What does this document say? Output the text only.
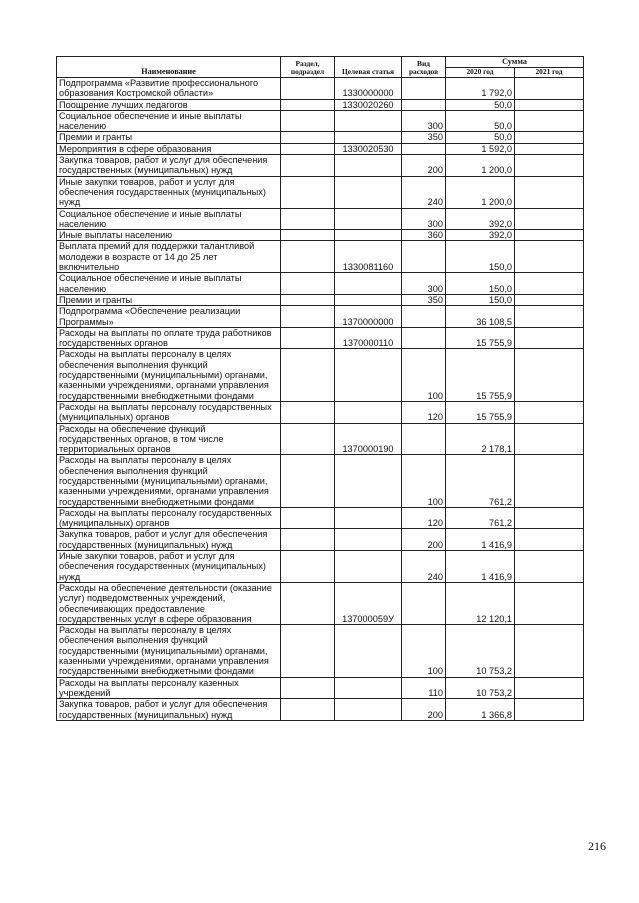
Наименование	Раздел, подраздел	Целевая статья	Вид расходов	Сумма	
				2020 год	2021 год
Подпрограмма «Развитие профессионального образования Костромской области»		1330000000		1 792,0	
Поощрение лучших педагогов		1330020260		50,0	
Социальное обеспечение и иные выплаты населению			300	50,0	
Премии и гранты			350	50,0	
Мероприятия в сфере образования		1330020530		1 592,0	
Закупка товаров, работ и услуг для обеспечения государственных (муниципальных) нужд			200	1 200,0	
Иные закупки товаров, работ и услуг для обеспечения государственных (муниципальных) нужд			240	1 200,0	
Социальное обеспечение и иные выплаты населению			300	392,0	
Иные выплаты населению			360	392,0	
Выплата премий для поддержки талантливой молодежи в возрасте от 14 до 25 лет включительно		1330081160		150,0	
Социальное обеспечение и иные выплаты населению			300	150,0	
Премии и гранты			350	150,0	
Подпрограмма «Обеспечение реализации Программы»		1370000000		36 108,5	
Расходы на выплаты по оплате труда работников государственных органов		1370000110		15 755,9	
Расходы на выплаты персоналу в целях обеспечения выполнения функций государственными (муниципальными) органами, казенными учреждениями, органами управления государственными внебюджетными фондами			100	15 755,9	
Расходы на выплаты персоналу государственных (муниципальных) органов			120	15 755,9	
Расходы на обеспечение функций государственных органов, в том числе территориальных органов		1370000190		2 178,1	
Расходы на выплаты персоналу в целях обеспечения выполнения функций государственными (муниципальными) органами, казенными учреждениями, органами управления государственными внебюджетными фондами			100	761,2	
Расходы на выплаты персоналу государственных (муниципальных) органов			120	761,2	
Закупка товаров, работ и услуг для обеспечения государственных (муниципальных) нужд			200	1 416,9	
Иные закупки товаров, работ и услуг для обеспечения государственных (муниципальных) нужд			240	1 416,9	
Расходы на обеспечение деятельности (оказание услуг) подведомственных учреждений, обеспечивающих предоставление государственных услуг в сфере образования		137000059У		12 120,1	
Расходы на выплаты персоналу в целях обеспечения выполнения функций государственными (муниципальными) органами, казенными учреждениями, органами управления государственными внебюджетными фондами			100	10 753,2	
Расходы на выплаты персоналу казенных учреждений			110	10 753,2	
Закупка товаров, работ и услуг для обеспечения государственных (муниципальных) нужд			200	1 366,8	
216
